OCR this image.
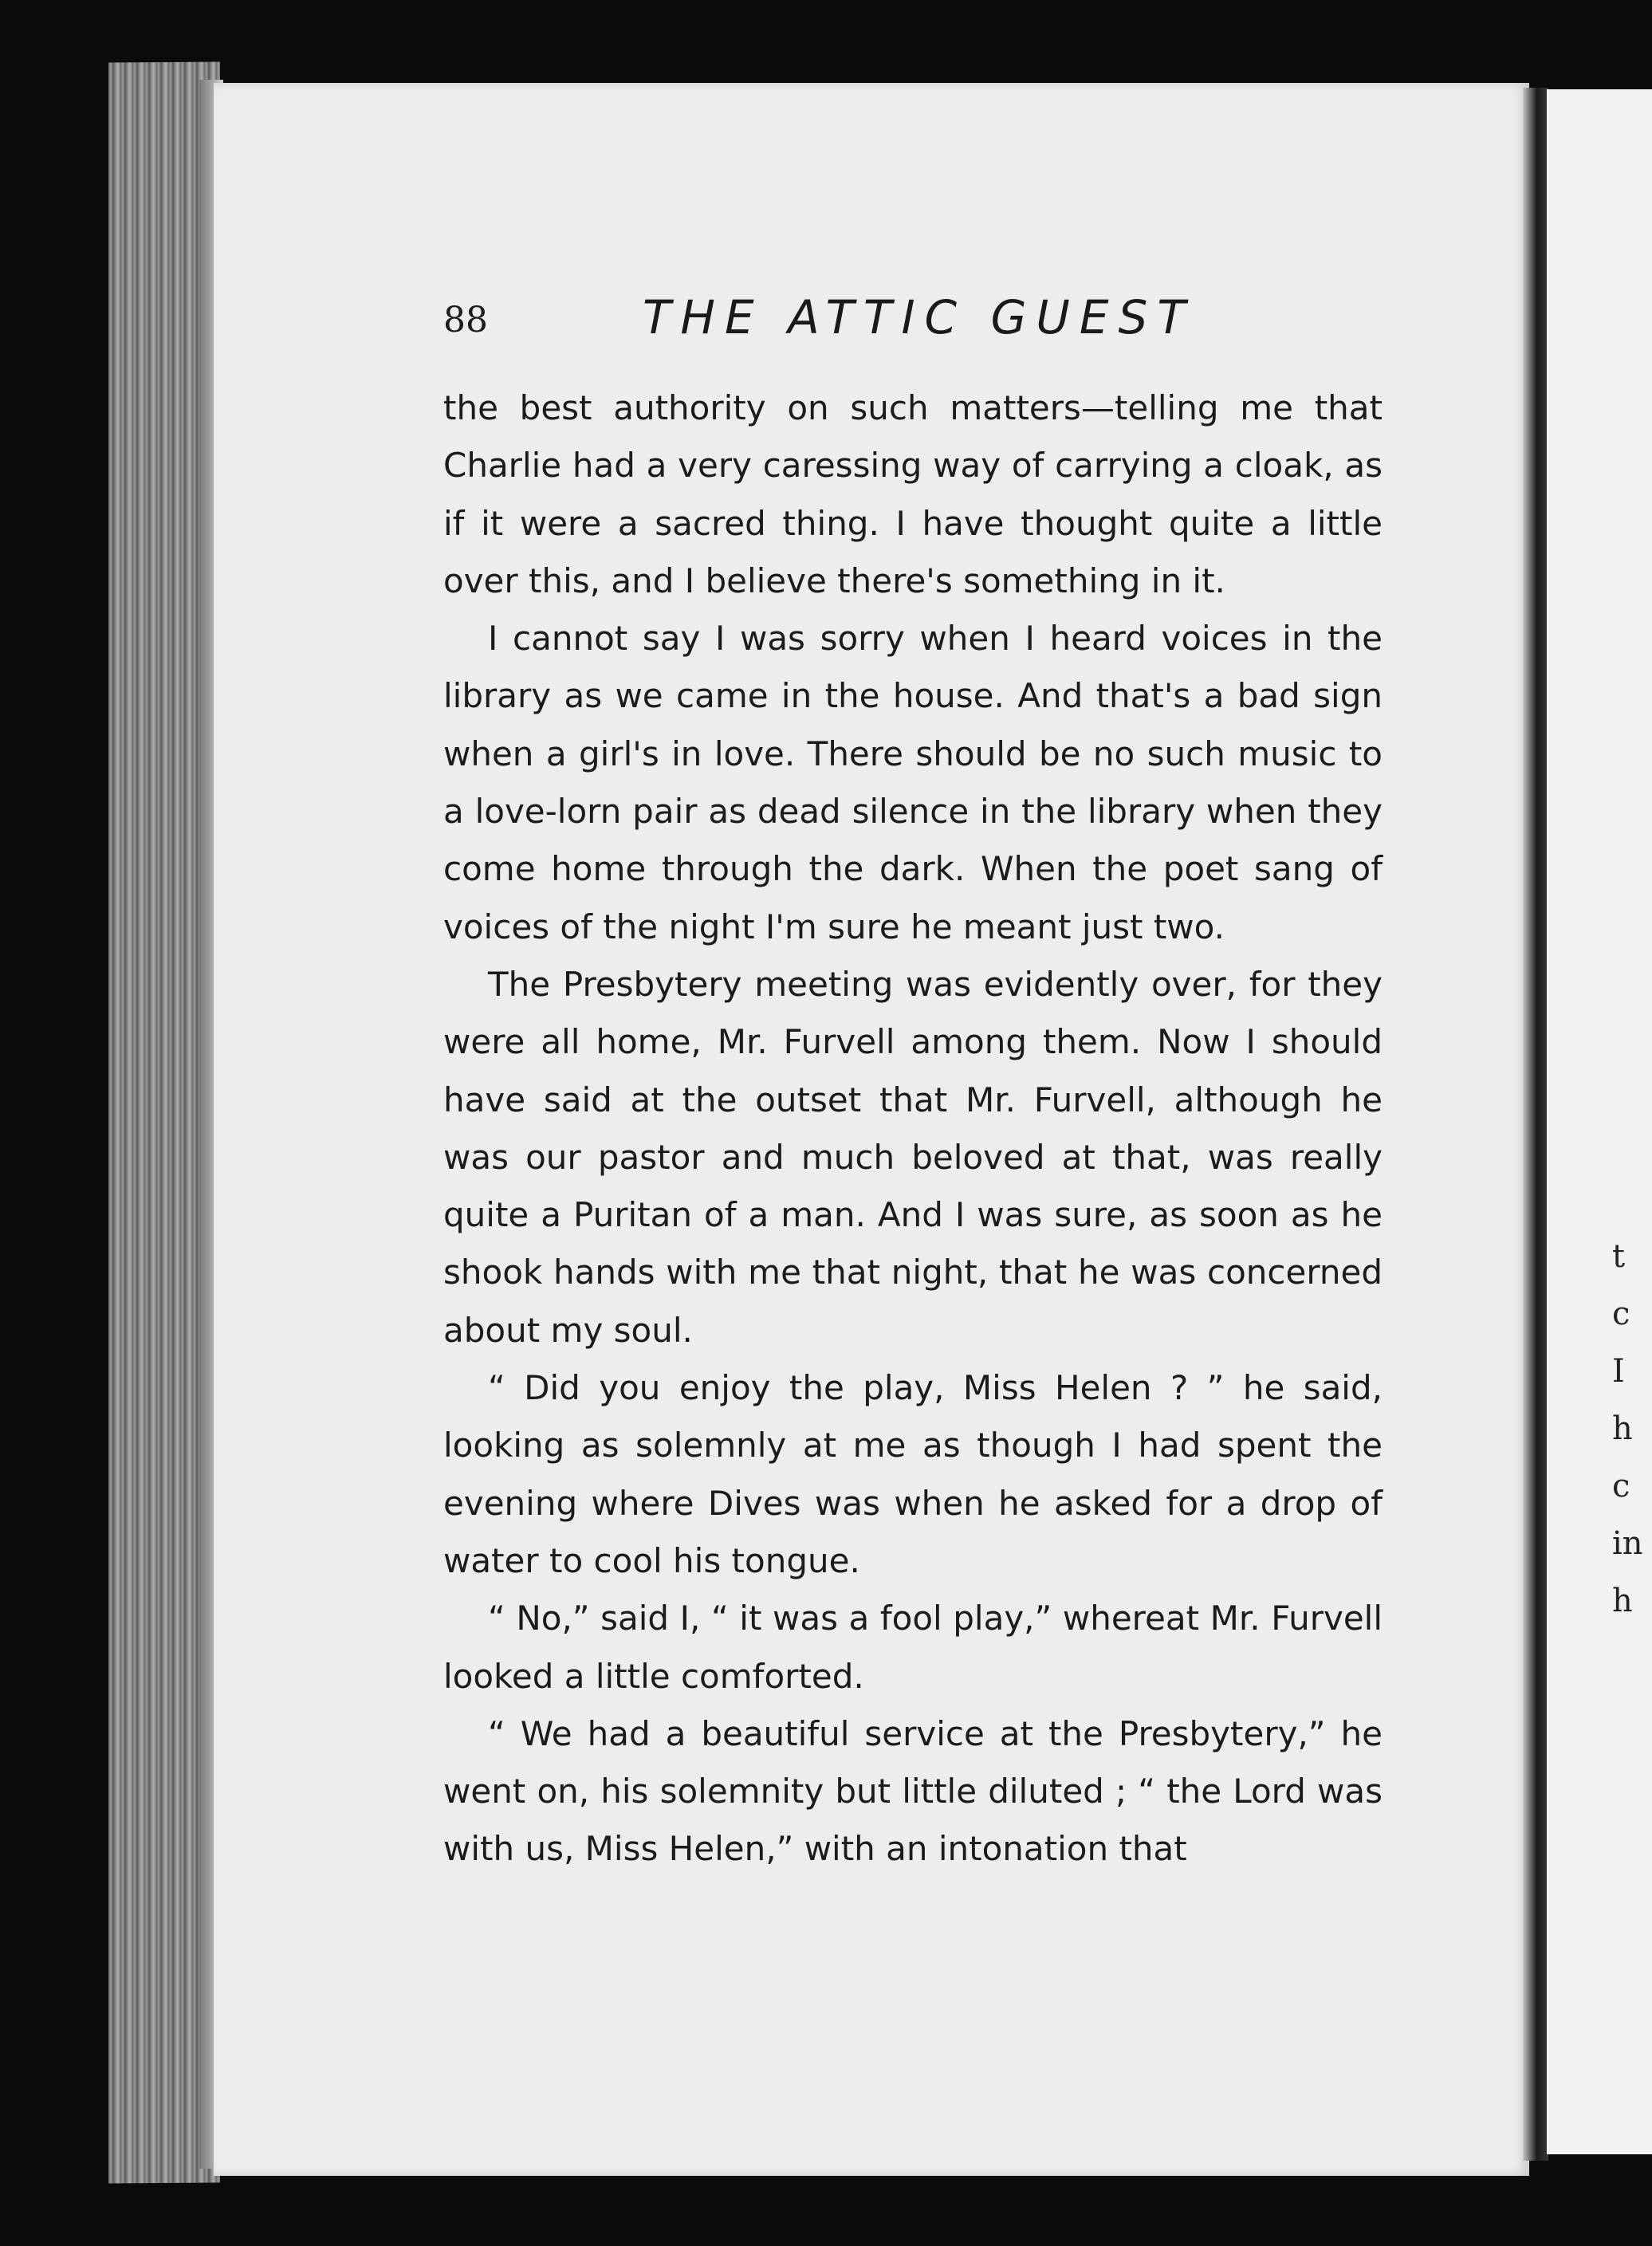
t
c
I
h
c
in
h
88	THE ATTIC GUEST

the best authority on such matters—telling me that Charlie had a very caressing way of carrying a cloak, as if it were a sacred thing. I have thought quite a little over this, and I believe there's something in it.

I cannot say I was sorry when I heard voices in the library as we came in the house. And that's a bad sign when a girl's in love. There should be no such music to a love-lorn pair as dead silence in the library when they come home through the dark. When the poet sang of voices of the night I'm sure he meant just two.

The Presbytery meeting was evidently over, for they were all home, Mr. Furvell among them. Now I should have said at the outset that Mr. Furvell, although he was our pastor and much beloved at that, was really quite a Puritan of a man. And I was sure, as soon as he shook hands with me that night, that he was concerned about my soul.

“ Did you enjoy the play, Miss Helen ? ” he said, looking as solemnly at me as though I had spent the evening where Dives was when he asked for a drop of water to cool his tongue.

“ No,” said I, “ it was a fool play,” whereat Mr. Furvell looked a little comforted.

“ We had a beautiful service at the Presbytery,” he went on, his solemnity but little diluted ; “ the Lord was with us, Miss Helen,” with an intonation that
